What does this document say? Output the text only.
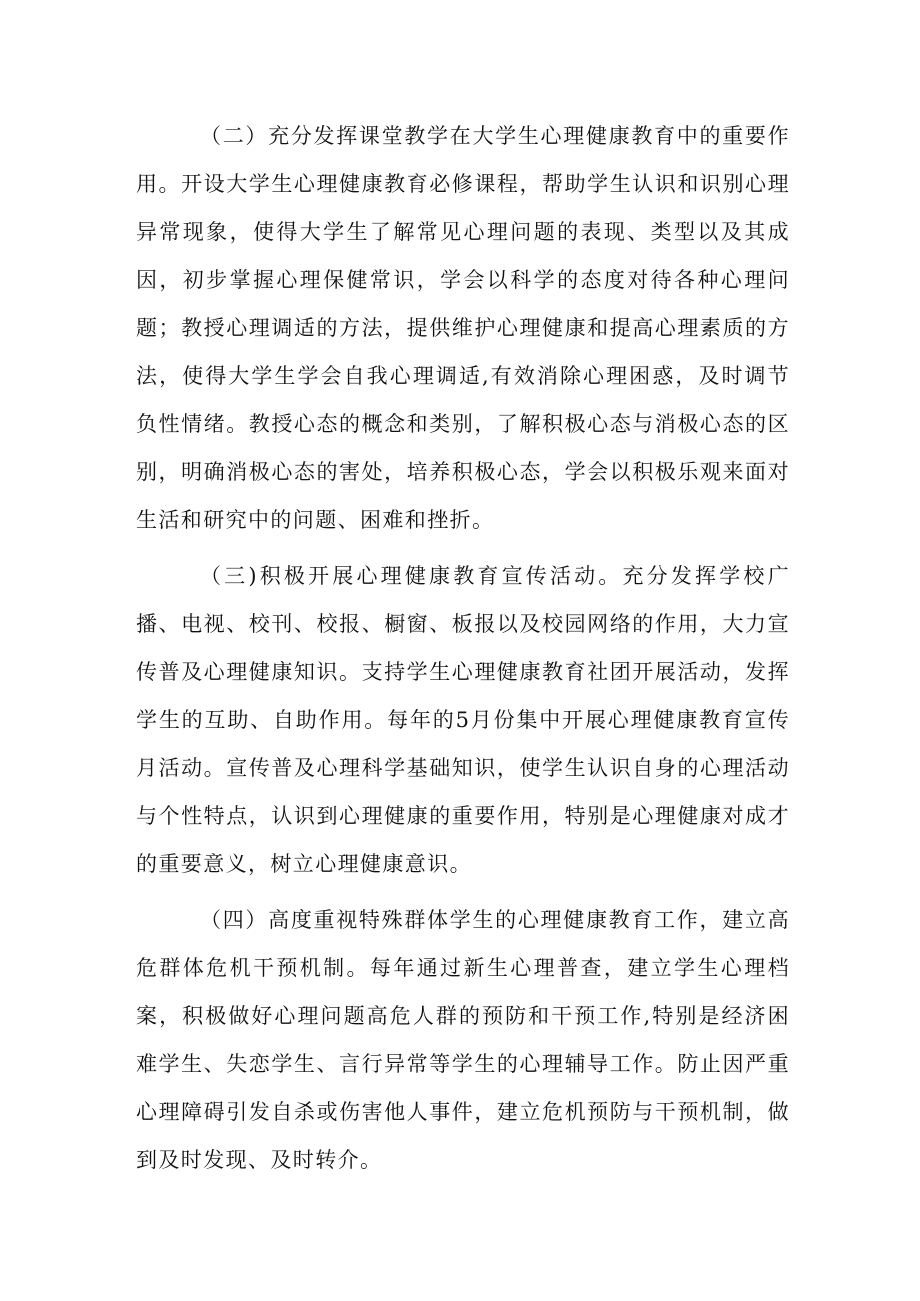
（二）充分发挥课堂教学在大学生心理健康教育中的重要作用。开设大学生心理健康教育必修课程，帮助学生认识和识别心理异常现象，使得大学生了解常见心理问题的表现、类型以及其成因，初步掌握心理保健常识，学会以科学的态度对待各种心理问题；教授心理调适的方法，提供维护心理健康和提高心理素质的方法，使得大学生学会自我心理调适,有效消除心理困惑，及时调节负性情绪。教授心态的概念和类别，了解积极心态与消极心态的区别，明确消极心态的害处，培养积极心态，学会以积极乐观来面对生活和研究中的问题、困难和挫折。

（三)积极开展心理健康教育宣传活动。充分发挥学校广播、电视、校刊、校报、橱窗、板报以及校园网络的作用，大力宣传普及心理健康知识。支持学生心理健康教育社团开展活动，发挥学生的互助、自助作用。每年的5月份集中开展心理健康教育宣传月活动。宣传普及心理科学基础知识，使学生认识自身的心理活动与个性特点，认识到心理健康的重要作用，特别是心理健康对成才的重要意义，树立心理健康意识。

（四）高度重视特殊群体学生的心理健康教育工作，建立高危群体危机干预机制。每年通过新生心理普查，建立学生心理档案，积极做好心理问题高危人群的预防和干预工作,特别是经济困难学生、失恋学生、言行异常等学生的心理辅导工作。防止因严重心理障碍引发自杀或伤害他人事件，建立危机预防与干预机制，做到及时发现、及时转介。
